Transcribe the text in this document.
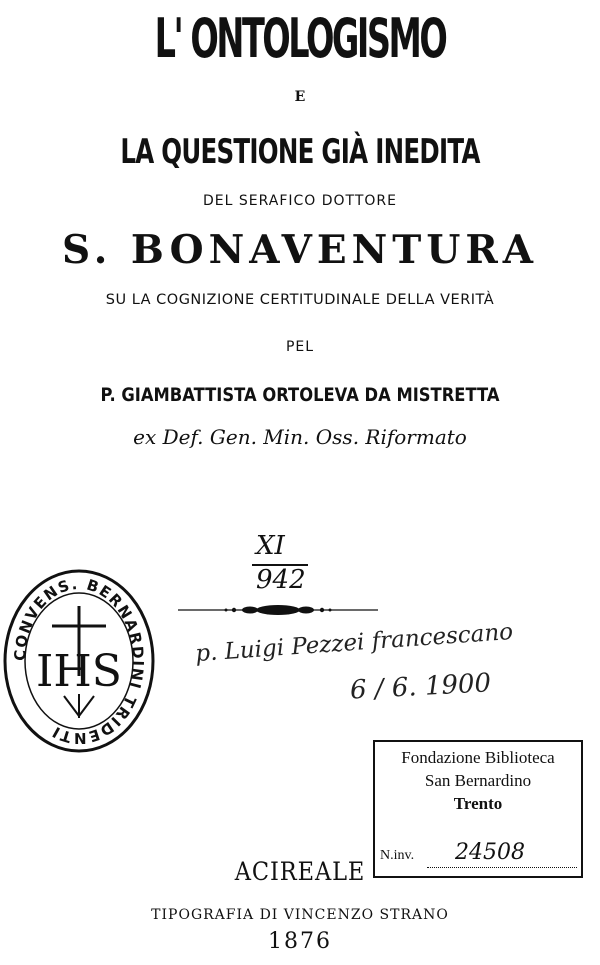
L' ONTOLOGISMO
E
LA QUESTIONE GIÀ INEDITA
DEL SERAFICO DOTTORE
S. BONAVENTURA
SU LA COGNIZIONE CERTITUDINALE DELLA VERITÀ
PEL
P. GIAMBATTISTA ORTOLEVA DA MISTRETTA
ex Def. Gen. Min. Oss. Riformato
XI
942
p. Luigi Pezzei francescano
6 / 6. 1900
CONVENS. BERNARDINI TRIDENTI
IHS
Fondazione Biblioteca
San Bernardino
Trento
N.inv. 24508
ACIREALE
TIPOGRAFIA DI VINCENZO STRANO
1876
